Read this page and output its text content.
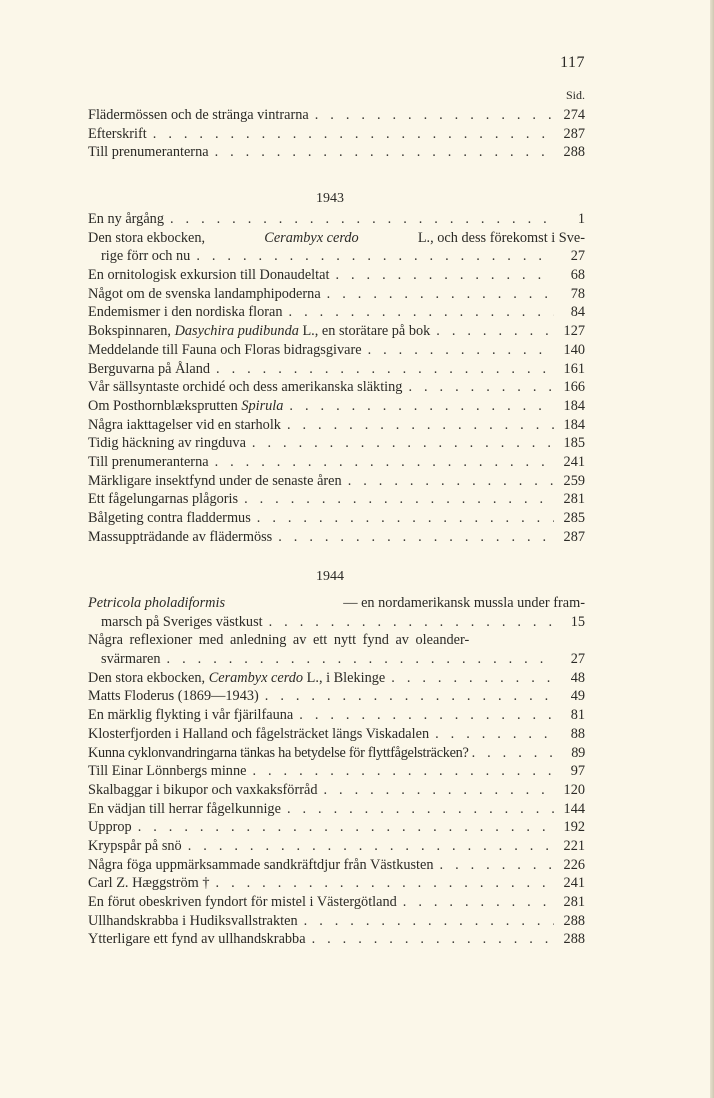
117
Sid.
Flädermössen och de stränga vintrarna . . .	274
Efterskrift . . .	287
Till prenumeranterna . . .	288
1943
En ny årgång . . .	1
Den stora ekbocken,	Cerambyx cerdo	L., och dess förekomst i Sve-
rige förr och nu . . .	27
En ornitologisk exkursion till Donaudeltat . . .	68
Något om de svenska landamphipoderna . . .	78
Endemismer i den nordiska floran . . .	84
Bokspinnaren, Dasychira pudibunda L., en storätare på bok . . .	127
Meddelande till Fauna och Floras bidragsgivare . . .	140
Berguvarna på Åland . . .	161
Vår sällsyntaste orchidé och dess amerikanska släkting . . .	166
Om Posthornblæksprutten Spirula . . .	184
Några iakttagelser vid en starholk . . .	184
Tidig häckning av ringduva . . .	185
Till prenumeranterna . . .	241
Märkligare insektfynd under de senaste åren . . .	259
Ett fågelungarnas plågoris . . .	281
Bålgeting contra fladdermus . . .	285
Massuppträdande av flädermöss . . .	287
1944
Petricola pholadiformis	— en nordamerikansk mussla under fram-
marsch på Sveriges västkust . . .	15
Några reflexioner med anledning av ett nytt fynd av oleander-
svärmaren . . .	27
Den stora ekbocken, Cerambyx cerdo L., i Blekinge . . .	48
Matts Floderus (1869—1943) . . .	49
En märklig flykting i vår fjärilfauna . . .	81
Klosterfjorden i Halland och fågelsträcket längs Viskadalen . . .	88
Kunna cyklonvandringarna tänkas ha betydelse för flyttfågelsträcken? . . .	89
Till Einar Lönnbergs minne . . .	97
Skalbaggar i bikupor och vaxkaksförråd . . .	120
En vädjan till herrar fågelkunnige . . .	144
Upprop . . .	192
Krypspår på snö . . .	221
Några föga uppmärksammade sandkräftdjur från Västkusten . . .	226
Carl Z. Hæggström † . . .	241
En förut obeskriven fyndort för mistel i Västergötland . . .	281
Ullhandskrabba i Hudiksvallstrakten . . .	288
Ytterligare ett fynd av ullhandskrabba . . .	288
